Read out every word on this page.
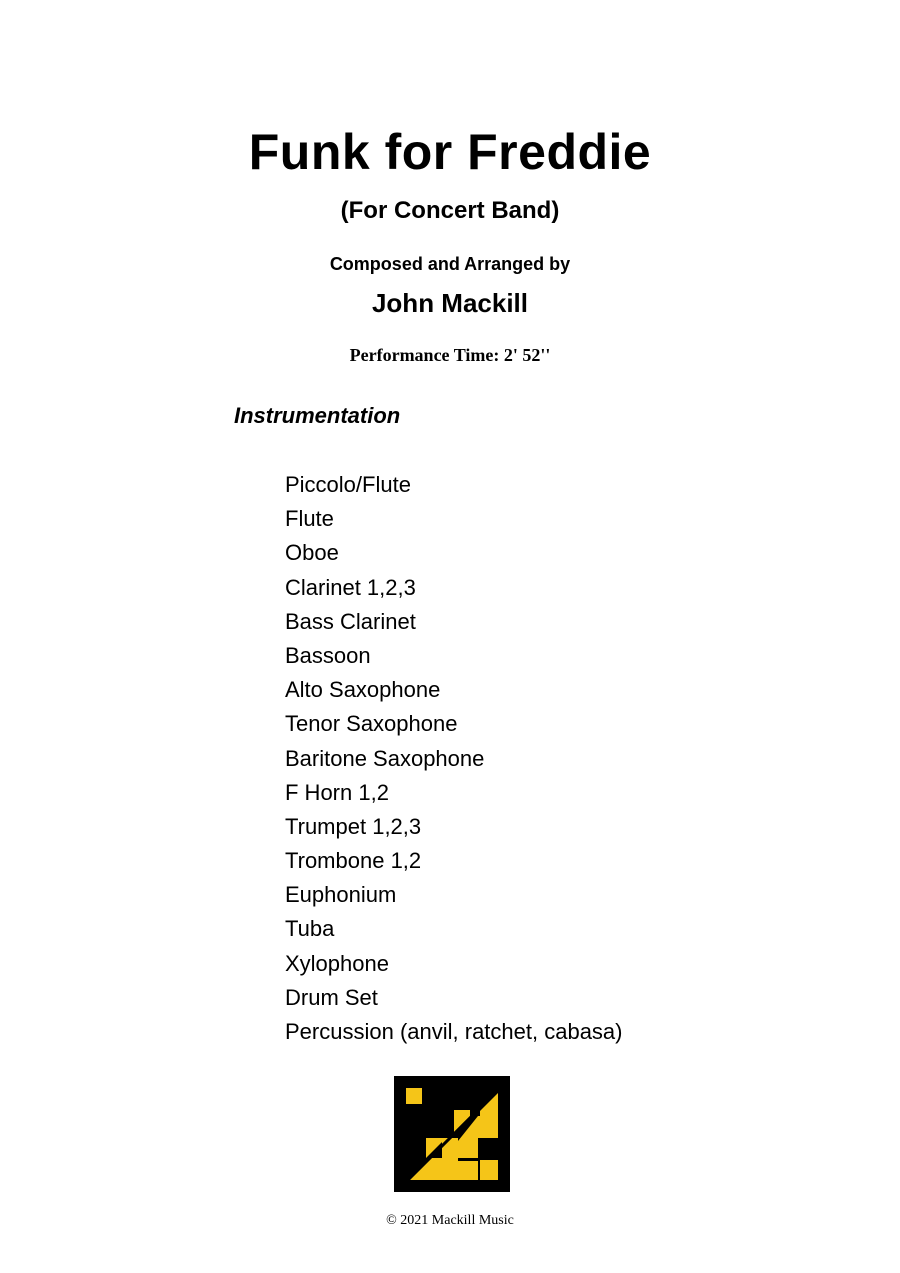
Funk for Freddie
(For Concert Band)
Composed and Arranged by
John Mackill
Performance Time: 2' 52''
Instrumentation
Piccolo/Flute
Flute
Oboe
Clarinet 1,2,3
Bass Clarinet
Bassoon
Alto Saxophone
Tenor Saxophone
Baritone Saxophone
F Horn 1,2
Trumpet 1,2,3
Trombone 1,2
Euphonium
Tuba
Xylophone
Drum Set
Percussion (anvil, ratchet, cabasa)
© 2021 Mackill Music
